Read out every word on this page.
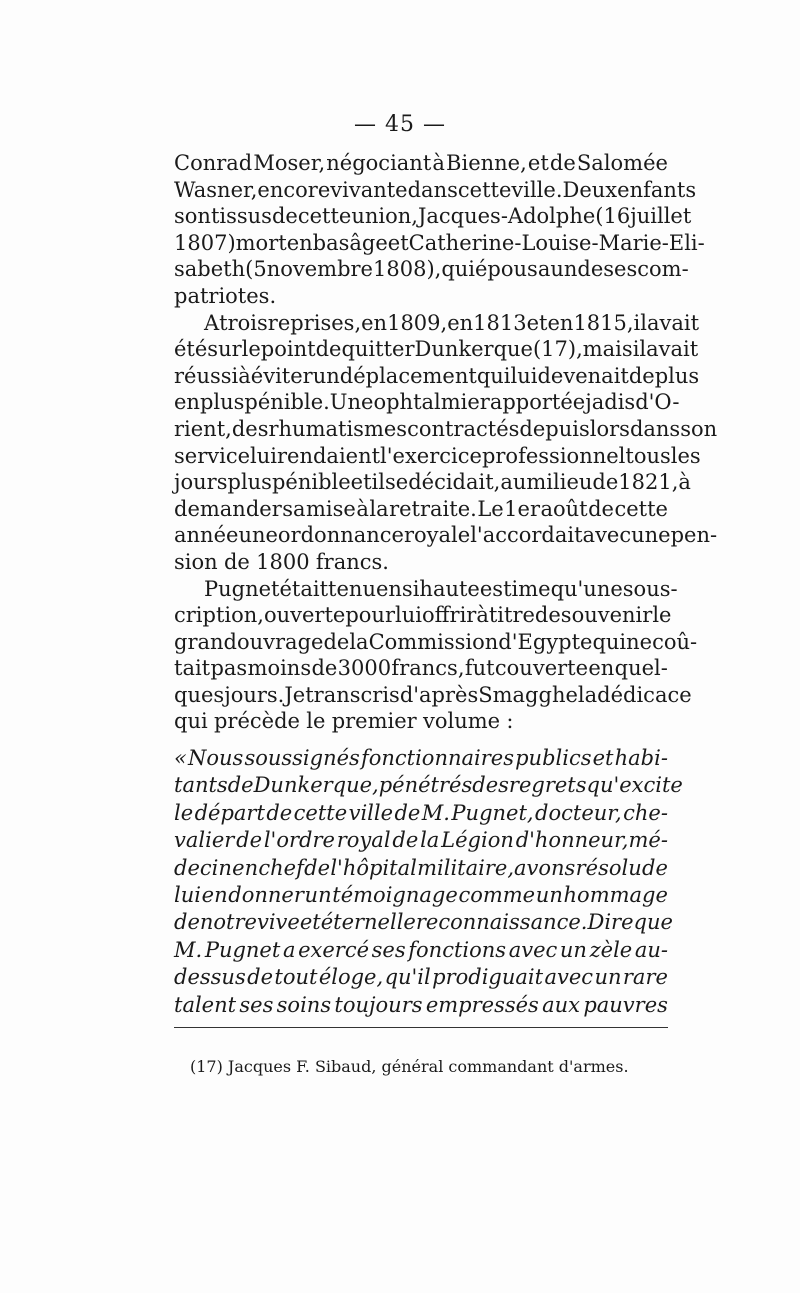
— 45 —
Conrad Moser, négociant à Bienne, et de Salomée
Wasner, encore vivante dans cette ville. Deux enfants
sont issus de cette union, Jacques-Adolphe (16 juillet
1807) mort en bas âge et Catherine-Louise-Marie-Eli-
sabeth (5 novembre 1808), qui épousa un de ses com-
patriotes.
A trois reprises, en 1809, en 1813 et en 1815,il avait
été sur le point de quitter Dunkerque(17), mais il avait
réussi à éviter un déplacement qui lui devenait de plus
en plus pénible. Une ophtalmie rapportée jadis d'O-
rient, des rhumatismes contractés depuis lors dans son
service lui rendaient l'exercice professionnel tous les
jours plus pénible et il se décidait,au milieu de 1821, à
demander sa mise à la retraite. Le 1er août de cette
année une ordonnance royale l'accordait avec une pen-
sion de 1800 francs.
Pugnet était tenu en si haute estime qu'une sous-
cription, ouverte pour lui offrir à titre de souvenir le
grand ouvrage de la Commission d'Egypte qui ne coû-
tait pas moins de 3000 francs, fut couverte en quel-
ques jours. Je transcris d'après Smagghe la dédicace
qui précède le premier volume :
« Nous soussignés fonctionnaires publics et habi-
tants de Dunkerque, pénétrés des regrets qu'excite
le départ de cette ville de M. Pugnet, docteur, che-
valier de l'ordre royal de la Légion d'honneur,mé-
decin en chef de l'hôpital militaire,avons résolu de
lui en donner un témoignage comme un hommage
de notre vive et éternelle reconnaissance. Dire que
M. Pugnet a exercé ses fonctions avec un zèle au-
dessus de tout éloge, qu'il prodiguait avec un rare
talent ses soins toujours empressés aux pauvres
(17) Jacques F. Sibaud, général commandant d'armes.
